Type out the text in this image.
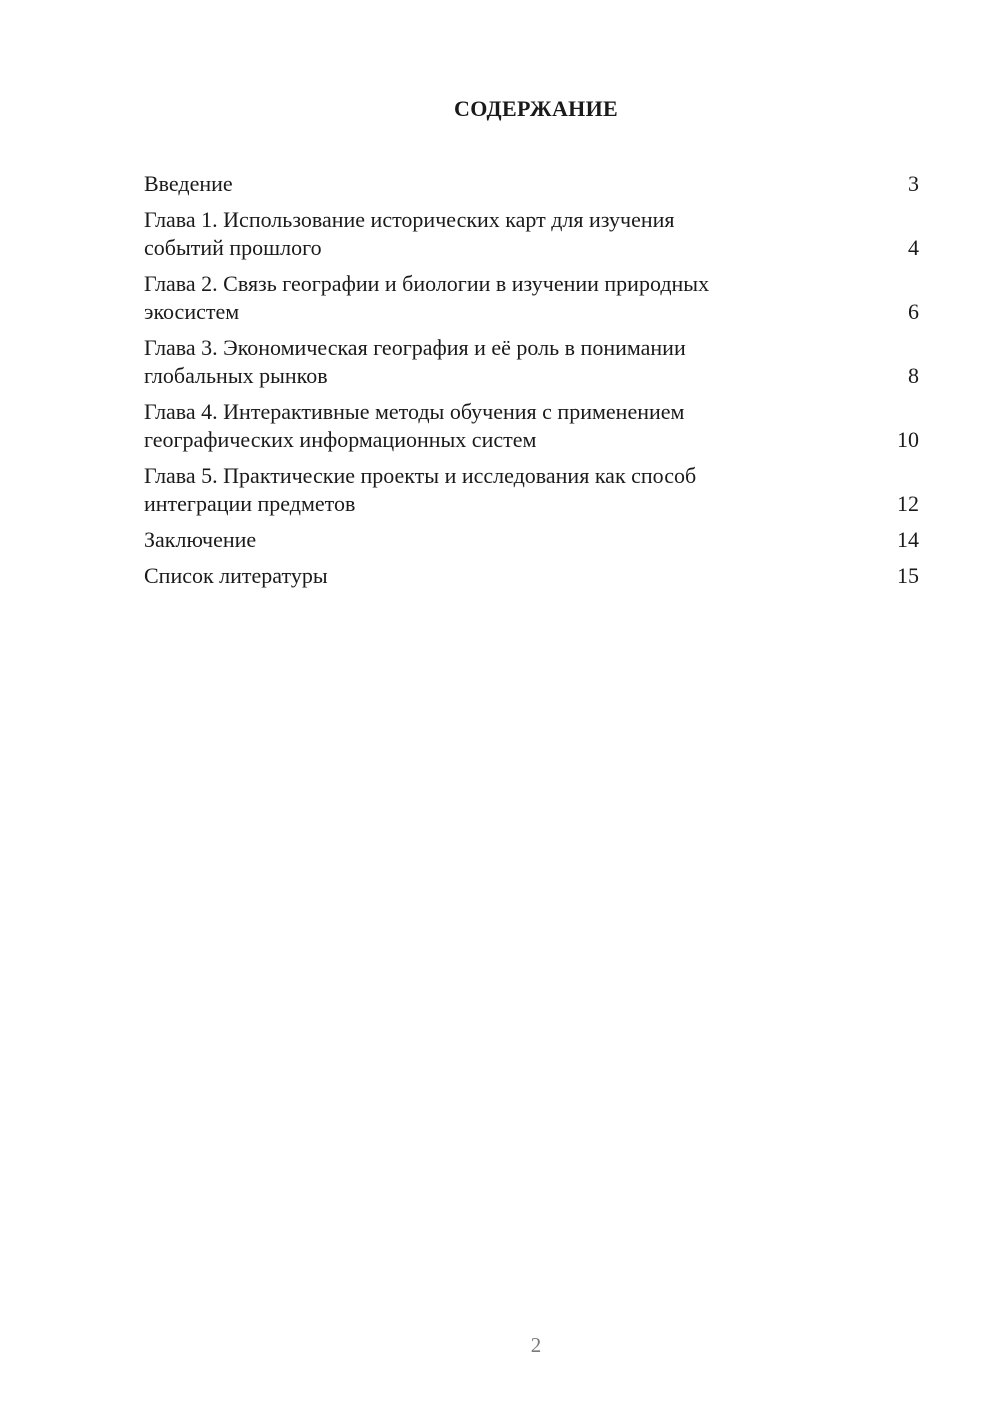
СОДЕРЖАНИЕ
Введение	3
Глава 1. Использование исторических карт для изучения
событий прошлого	4
Глава 2. Связь географии и биологии в изучении природных
экосистем	6
Глава 3. Экономическая география и её роль в понимании
глобальных рынков	8
Глава 4. Интерактивные методы обучения с применением
географических информационных систем	10
Глава 5. Практические проекты и исследования как способ
интеграции предметов	12
Заключение	14
Список литературы	15
2
